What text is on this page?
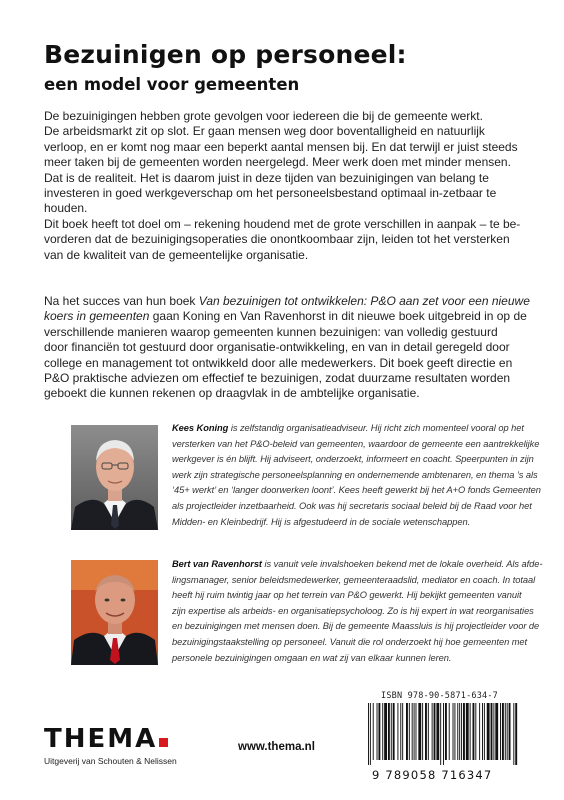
Bezuinigen op personeel:
een model voor gemeenten
De bezuinigingen hebben grote gevolgen voor iedereen die bij de gemeente werkt.
De arbeidsmarkt zit op slot. Er gaan mensen weg door boventalligheid en natuurlijk
verloop, en er komt nog maar een beperkt aantal mensen bij. En dat terwijl er juist steeds
meer taken bij de gemeenten worden neergelegd. Meer werk doen met minder mensen.
Dat is de realiteit. Het is daarom juist in deze tijden van bezuinigingen van belang te
investeren in goed werkgeverschap om het personeelsbestand optimaal in-zetbaar te
houden.
Dit boek heeft tot doel om – rekening houdend met de grote verschillen in aanpak – te be-
vorderen dat de bezuinigingsoperaties die onontkoombaar zijn, leiden tot het versterken
van de kwaliteit van de gemeentelijke organisatie.
Na het succes van hun boek Van bezuinigen tot ontwikkelen: P&O aan zet voor een nieuwe
koers in gemeenten gaan Koning en Van Ravenhorst in dit nieuwe boek uitgebreid in op de
verschillende manieren waarop gemeenten kunnen bezuinigen: van volledig gestuurd
door financiën tot gestuurd door organisatie-ontwikkeling, en van in detail geregeld door
college en management tot ontwikkeld door alle medewerkers. Dit boek geeft directie en
P&O praktische adviezen om effectief te bezuinigen, zodat duurzame resultaten worden
geboekt die kunnen rekenen op draagvlak in de ambtelijke organisatie.
Kees Koning is zelfstandig organisatieadviseur. Hij richt zich momenteel vooral op het
versterken van het P&O-beleid van gemeenten, waardoor de gemeente een aantrekkelijke
werkgever is én blijft. Hij adviseert, onderzoekt, informeert en coacht. Speerpunten in zijn
werk zijn strategische personeelsplanning en ondernemende ambtenaren, en thema ’s als
‘45+ werkt’ en ‘langer doorwerken loont’. Kees heeft gewerkt bij het A+O fonds Gemeenten
als projectleider inzetbaarheid. Ook was hij secretaris sociaal beleid bij de Raad voor het
Midden- en Kleinbedrijf. Hij is afgestudeerd in de sociale wetenschappen.
Bert van Ravenhorst is vanuit vele invalshoeken bekend met de lokale overheid. Als afde-
lingsmanager, senior beleidsmedewerker, gemeenteraadslid, mediator en coach. In totaal
heeft hij ruim twintig jaar op het terrein van P&O gewerkt. Hij bekijkt gemeenten vanuit
zijn expertise als arbeids- en organisatiepsycholoog. Zo is hij expert in wat reorganisaties
en bezuinigingen met mensen doen. Bij de gemeente Maassluis is hij projectleider voor de
bezuinigingstaakstelling op personeel. Vanuit die rol onderzoekt hij hoe gemeenten met
personele bezuinigingen omgaan en wat zij van elkaar kunnen leren.
ISBN 978-90-5871-634-7
9 789058 716347
THEMA
Uitgeverij van Schouten & Nelissen
www.thema.nl
